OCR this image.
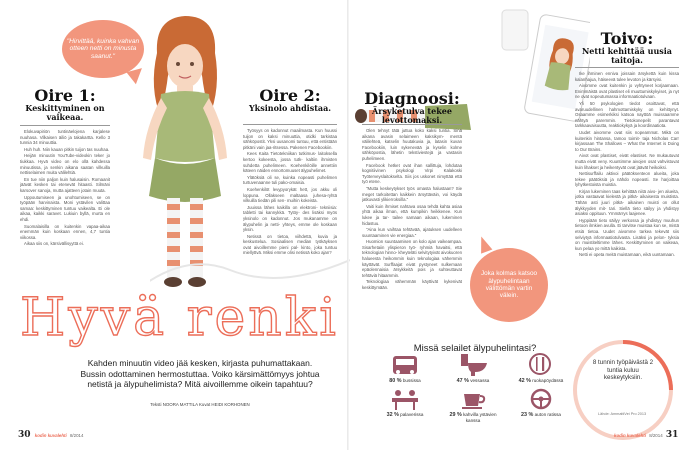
"Hirvittää, kuinka vahvan otteen netti on minusta saanut."
Oire 1:
Keskittyminen on vaikeaa.

Elokuvapiriön tuntinäelojena karjalese nuuhasa. Vilkaisen äiliö ja takakartta. Kello 3 tunnia 34 minuuttia.

Huh huh. Niin kauan pitkin tuijon tas nuuhaa.

Heijän minuutin YouTube-videokin teker jo tiukkaa. Hyvä video on elo ollä kahdessa minuutissa, ja senkin aikana saatan vilkuilla nettiselaimen muita välilehtiä.

En tue niin paljon kuin halusaisin. Romaanit jäävät kesken tai etenevät hitaasti. Silmäni karsover sanoja, mutta ajatteen jotain muuta.

Uppoutumiseen ja unohtumiseen, se on työpään harvinaista. Moni ystävilen valittaa samaa: keskittyminen tuntuu vaikealta. Ei ole aikaa, kaikki saravet. Lukiuin byllä, murta en ehdi.

Suomalaisilla on kuitenkin vapaa-aikaa enemmän kuin koskaan ennen, 4,7 tuntia viikossa.

Aikaa siis on, kärsivällisyyttä ei.

Oire 2:
Yksinolo ahdistaa.

Työsyys on kadonnut maailmasta. Kun huussi tuijon on kaksi minuuttia, otidki tarkistaa sähköpostit. Yksi uusanomi tuntuu, että entistään pitkäni vain jaa-ritsessa. Pakenen Facebookiin.

Kees Kaita Tietotekniikan tutkimus- laitoksella kertoo kokeesta, jossa tutk- kaltiin ihmisten suhdetta puhelimeen. Koehenkilöille annettiin käteen näiden ennortomuuset älypuhelimet.

Ylätöksiä oli se, kuinka nopeasti puhelimen turtuvenaanne tuli pako-omaisia.

Koehenkilöt levypyorykät hett, jos akku oli loppuna. Ollakseen maltaasa juhesa-ryhtä vilkuilla tiedän pili sen- muihin kokeista.

Juuissa lähes kaikilla on elektroni- tekniisia: tabletti tai kannykkä. Tytöy- des lisäksi myös yksinolo on kadonnut. Jos mukanamme on älypuhelin ja netti- yhteys, emme ole koskaan yksin.

Netissä on tietoa, viihdettä, kuvia ja keskustelua. Sosiaalisen median työkäyksen ovat aivoillemme pieni pal- kinto, joka tuntuu miellyttvä. Miksi emme olisi netissä koko ajan?

Hyvä renki
Kahden minuutin video jää kesken, kirjasta puhumattakaan. Bussin odottaminen hermostuttaa. Voiko kärsimättömyys johtua netistä ja älypuhelimista? Mitä aivoillemme oikein tapahtuu?
Teksti NOORA MATTILA Kuvat HEIDI KORHONEN
30 kodin kuvalehti 8/2014
Diagnoosi:
Ärsyketulva tekee levottomaksi.

Olen tehnyt tätä juttua koko kaksi tuntia. Sinä aikana avasin selaimeen kaksikym- mentä välilehteä, katselin huutakuvia ja, latasin kuvan Facebookiin, luin sykenevää ja kyselin kolme sähköpostia, lähetin tekstiviestejä ja vastasin puhelimeen.

Facebook hetket ovat ihan sallittuja, lohdutaa kognitiivinen psykologi Virpi Kalakoski Työterveyslaitokselta. Siis jos uskonet nimyttää että työ etene.

"Mutta keskeytykset työs omasta halustaan? Sie meget tarkoitettan kaikkein ärsyttäväin, voi käydä jatkuvasti ylikierroksilla."

Vaiti kuin ihmiset nahtava osaa tehdä kahta asiaa yhtä aikaa ilman, että kumpikin heikkenee. Kun lukee ja tar- tailee samaan aikaan, lukeminen hidastuu.

"Aina kun vaihtaa tehtävää, ajatuksen uudelleen suuntaaminen vie energiaa."

Huomion suuntaamisen on kolo ajan vaikeampaa. Sisarhetaiin ylispieron työ- ryhmiä havaitsi, että teknologian hinno- kheyteläti selvitytyivät aivokuoren halueesta heikommin kuin teknologiaa vähemmin käyttävät. Surffaajat eivät pystyneet sulkemaan epäolennaisia ärsykkeitä pois ja suhteuttavat tehtäviä hitaammin.

Teknologiaa vähemmän käyttivät kykenivät keskittymään.

Joka kolmas katsoo älypuhelintaan välittömän vartin välein.
Toivo:
Netti kehittää uusia taitoja.

Ike ihminen enniva joissain ärsykettä kuin kissa kalanhajua, häiseevä tulee levoton ja kärsyisi.

Aivomme ovat kuitenkin jo vyhtyneet korjaamaan. Enimmäistä ovat plastiset eli muuttumiskykyiset, ja nyt ne ovat sopeutumassa informaatiotulvaan.

Yli 50 psykologien tiedot osoittavat, että avaruudellinen hahmottamiskyky on kehittynyt. Osaamme esimerkiksi katsoa nayttöä muissaamme nähtyä paremmin. Tietokonepelit parantavat tarkkaavaisuutta, reaktiokykyä ja koordinaatiota.

Uudet aivomme ovat siis nopeammat. Mikä on kuitenkin hintansa, tamoo toimit- taja Nicholas Carr kirjassaan The Shallows – What the Internet is Doing to Our Brains.

Aivot ovat plastiset, eivät elastiset. Ne mukautuvat mutta eivät veny. Kuuntimme aivojen osat vahvistuvat kuin lihakset ja heikentyvät ovat jäävät heikoiksi.

Nettisurffailu aktivoi päätöksenteon alueita, joka tekee päätöksiä ja nähdo nopeasti. Se harjoittaa lyhytkestoista muistia.

Kirjan lukeminen taas kehittää niitä aivo- jen alueita, jotka vastaavat kielestä ja pitkä- aikaisesta muistista. Tähän asti juuri pitkä- aikainen muisti on ollut älykkyyden mit- tari. Siellä tieto säilyy ja yhdistyy asiaksi oppituun. Ymmärrys laajenee.

Hyppiään tieto säilyy verkossa ja yhdistyy muuhun tietoon ilmkien avulla. Ei tarvitse muistaa kun se, mistä etsiä tietoa. Uudet aivomme tarkea tekevät siis selviytyä informaatiotulvasta. Lisäksi ja pelon- tyksia on muistiteltimme lähes. Keskittyminen on vaikeaa, kun pelaa yo mittä kaikista.

Netti ei opeta meitä muistamaan, eikä uuntamaan.

Missä selailet älypuhelintasi?
80 % bussissa	47 % vessassa	42 % ruokapöydässä
32 % palaverissa	29 % kahvilla ystävien kanssa
23 % auton ratissa
8 tunnin työpäivästä 2 tuntia kuluu keskeytyksiin.
Lähde: AmmattiVei Pro 2013
kodin kuvalehti 8/2014 31
